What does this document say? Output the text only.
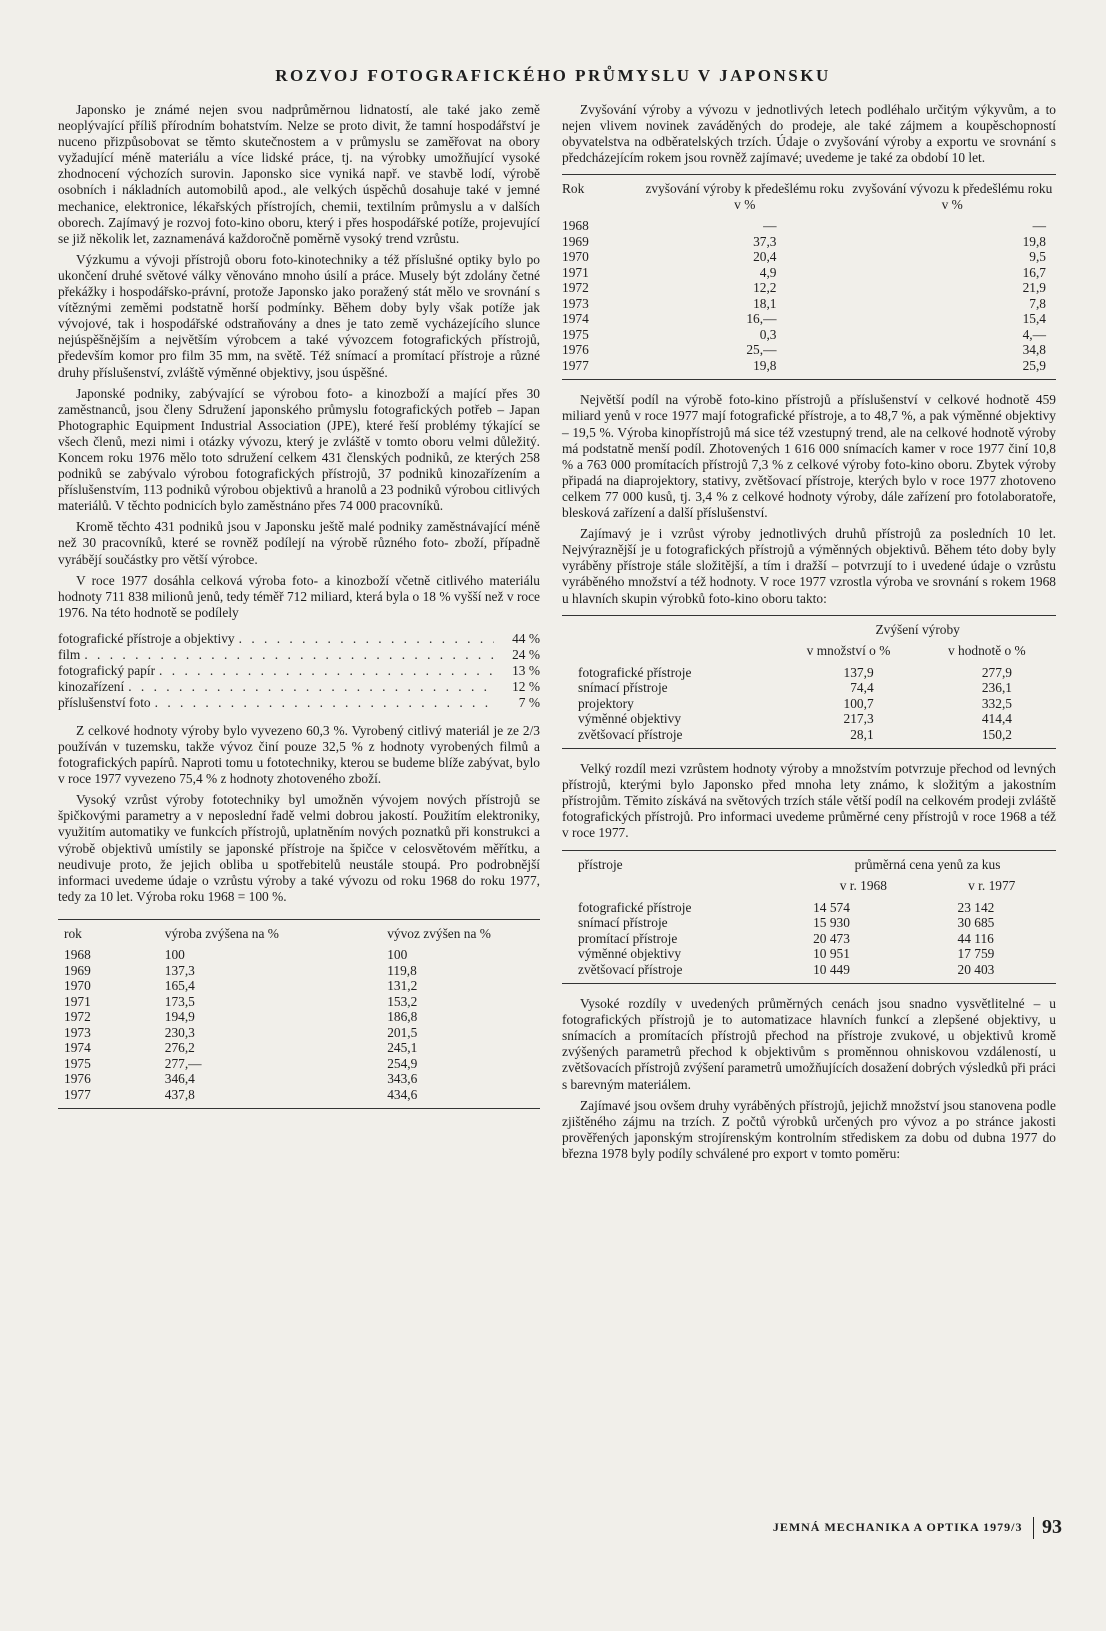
ROZVOJ FOTOGRAFICKÉHO PRŮMYSLU V JAPONSKU

Japonsko je známé nejen svou nadprůměrnou lidnatostí, ale také jako země neoplývající příliš přírodním bohatstvím. Nelze se proto divit, že tamní hospodářství je nuceno přizpůsobovat se těmto skutečnostem a v průmyslu se zaměřovat na obory vyžadující méně materiálu a více lidské práce, tj. na výrobky umožňující vysoké zhodnocení výchozích surovin. Japonsko sice vyniká např. ve stavbě lodí, výrobě osobních i nákladních automobilů apod., ale velkých úspěchů dosahuje také v jemné mechanice, elektronice, lékařských přístrojích, chemii, textilním průmyslu a v dalších oborech. Zajímavý je rozvoj foto-kino oboru, který i přes hospodářské potíže, projevující se již několik let, zaznamenává každoročně poměrně vysoký trend vzrůstu.

Výzkumu a vývoji přístrojů oboru foto-kinotechniky a též příslušné optiky bylo po ukončení druhé světové války věnováno mnoho úsilí a práce. Musely být zdolány četné překážky i hospodářsko-právní, protože Japonsko jako poražený stát mělo ve srovnání s vítěznými zeměmi podstatně horší podmínky. Během doby byly však potíže jak vývojové, tak i hospodářské odstraňovány a dnes je tato země vycházejícího slunce nejúspěšnějším a největším výrobcem a také vývozcem fotografických přístrojů, především komor pro film 35 mm, na světě. Též snímací a promítací přístroje a různé druhy příslušenství, zvláště výměnné objektivy, jsou úspěšné.

Japonské podniky, zabývající se výrobou foto- a kinozboží a mající přes 30 zaměstnanců, jsou členy Sdružení japonského průmyslu fotografických potřeb – Japan Photographic Equipment Industrial Association (JPE), které řeší problémy týkající se všech členů, mezi nimi i otázky vývozu, který je zvláště v tomto oboru velmi důležitý. Koncem roku 1976 mělo toto sdružení celkem 431 členských podniků, ze kterých 258 podniků se zabývalo výrobou fotografických přístrojů, 37 podniků kinozařízením a příslušenstvím, 113 podniků výrobou objektivů a hranolů a 23 podniků výrobou citlivých materiálů. V těchto podnicích bylo zaměstnáno přes 74 000 pracovníků.

Kromě těchto 431 podniků jsou v Japonsku ještě malé podniky zaměstnávající méně než 30 pracovníků, které se rovněž podílejí na výrobě různého foto- zboží, případně vyrábějí součástky pro větší výrobce.

V roce 1977 dosáhla celková výroba foto- a kinozboží včetně citlivého materiálu hodnoty 711 838 milionů jenů, tedy téměř 712 miliard, která byla o 18 % vyšší než v roce 1976. Na této hodnotě se podílely

fotografické přístroje a objektivy . . .	44 %
film . . .	24 %
fotografický papír . . .	13 %
kinozařízení . . .	12 %
příslušenství foto . . .	7 %

Z celkové hodnoty výroby bylo vyvezeno 60,3 %. Vyrobený citlivý materiál je ze 2/3 používán v tuzemsku, takže vývoz činí pouze 32,5 % z hodnoty vyrobených filmů a fotografických papírů. Naproti tomu u fototechniky, kterou se budeme blíže zabývat, bylo v roce 1977 vyvezeno 75,4 % z hodnoty zhotoveného zboží.

Vysoký vzrůst výroby fototechniky byl umožněn vývojem nových přístrojů se špičkovými parametry a v neposlední řadě velmi dobrou jakostí. Použitím elektroniky, využitím automatiky ve funkcích přístrojů, uplatněním nových poznatků při konstrukci a výrobě objektivů umístily se japonské přístroje na špičce v celosvětovém měřítku, a neudivuje proto, že jejich obliba u spotřebitelů neustále stoupá. Pro podrobnější informaci uvedeme údaje o vzrůstu výroby a také vývozu od roku 1968 do roku 1977, tedy za 10 let. Výroba roku 1968 = 100 %.

rok	výroba zvýšena na %	vývoz zvýšen na %
1968	100	100
1969	137,3	119,8
1970	165,4	131,2
1971	173,5	153,2
1972	194,9	186,8
1973	230,3	201,5
1974	276,2	245,1
1975	277,—	254,9
1976	346,4	343,6
1977	437,8	434,6

Zvyšování výroby a vývozu v jednotlivých letech podléhalo určitým výkyvům, a to nejen vlivem novinek zaváděných do prodeje, ale také zájmem a koupěschopností obyvatelstva na odběratelských trzích. Údaje o zvyšování výroby a exportu ve srovnání s předcházejícím rokem jsou rovněž zajímavé; uvedeme je také za období 10 let.

Rok	zvyšování výroby k předešlému roku v %	zvyšování vývozu k předešlému roku v %
1968	—	—
1969	37,3	19,8
1970	20,4	9,5
1971	4,9	16,7
1972	12,2	21,9
1973	18,1	7,8
1974	16,—	15,4
1975	0,3	4,—
1976	25,—	34,8
1977	19,8	25,9

Největší podíl na výrobě foto-kino přístrojů a příslušenství v celkové hodnotě 459 miliard yenů v roce 1977 mají fotografické přístroje, a to 48,7 %, a pak výměnné objektivy – 19,5 %. Výroba kinopřístrojů má sice též vzestupný trend, ale na celkové hodnotě výroby má podstatně menší podíl. Zhotovených 1 616 000 snímacích kamer v roce 1977 činí 10,8 % a 763 000 promítacích přístrojů 7,3 % z celkové výroby foto-kino oboru. Zbytek výroby připadá na diaprojektory, stativy, zvětšovací přístroje, kterých bylo v roce 1977 zhotoveno celkem 77 000 kusů, tj. 3,4 % z celkové hodnoty výroby, dále zařízení pro fotolaboratoře, blesková zařízení a další příslušenství.

Zajímavý je i vzrůst výroby jednotlivých druhů přístrojů za posledních 10 let. Nejvýraznější je u fotografických přístrojů a výměnných objektivů. Během této doby byly vyráběny přístroje stále složitější, a tím i dražší – potvrzují to i uvedené údaje o vzrůstu vyráběného množství a též hodnoty. V roce 1977 vzrostla výroba ve srovnání s rokem 1968 u hlavních skupin výrobků foto-kino oboru takto:

	Zvýšení výroby	
	v množství o %	v hodnotě o %
fotografické přístroje	137,9	277,9
snímací přístroje	74,4	236,1
projektory	100,7	332,5
výměnné objektivy	217,3	414,4
zvětšovací přístroje	28,1	150,2

Velký rozdíl mezi vzrůstem hodnoty výroby a množstvím potvrzuje přechod od levných přístrojů, kterými bylo Japonsko před mnoha lety známo, k složitým a jakostním přístrojům. Těmito získává na světových trzích stále větší podíl na celkovém prodeji zvláště fotografických přístrojů. Pro informaci uvedeme průměrné ceny přístrojů v roce 1968 a též v roce 1977.

přístroje	průměrná cena yenů za kus	
	v r. 1968	v r. 1977
fotografické přístroje	14 574	23 142
snímací přístroje	15 930	30 685
promítací přístroje	20 473	44 116
výměnné objektivy	10 951	17 759
zvětšovací přístroje	10 449	20 403

Vysoké rozdíly v uvedených průměrných cenách jsou snadno vysvětlitelné – u fotografických přístrojů je to automatizace hlavních funkcí a zlepšené objektivy, u snímacích a promítacích přístrojů přechod na přístroje zvukové, u objektivů kromě zvýšených parametrů přechod k objektivům s proměnnou ohniskovou vzdáleností, u zvětšovacích přístrojů zvýšení parametrů umožňujících dosažení dobrých výsledků při práci s barevným materiálem.

Zajímavé jsou ovšem druhy vyráběných přístrojů, jejichž množství jsou stanovena podle zjištěného zájmu na trzích. Z počtů výrobků určených pro vývoz a po stránce jakosti prověřených japonským strojírenským kontrolním střediskem za dobu od dubna 1977 do března 1978 byly podíly schválené pro export v tomto poměru:

JEMNÁ MECHANIKA A OPTIKA 1979/3 93
